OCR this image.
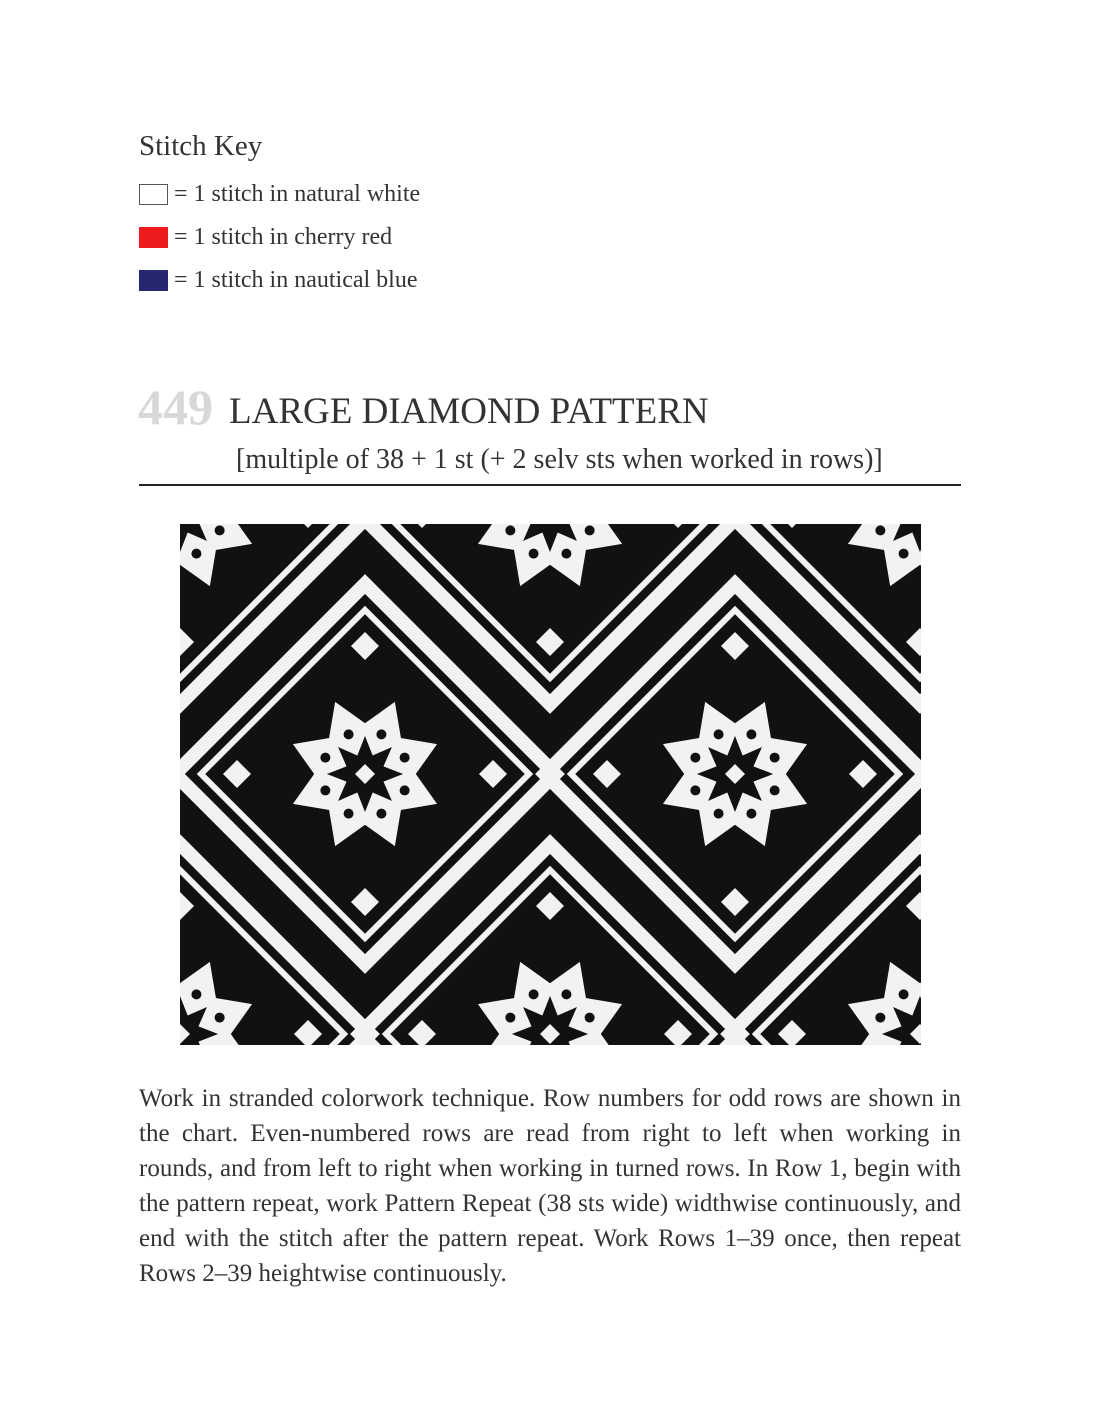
Stitch Key
= 1 stitch in natural white
= 1 stitch in cherry red
= 1 stitch in nautical blue
449 LARGE DIAMOND PATTERN
[multiple of 38 + 1 st (+ 2 selv sts when worked in rows)]
Work in stranded colorwork technique. Row numbers for odd rows are shown in the chart. Even-numbered rows are read from right to left when working in rounds, and from left to right when working in turned rows. In Row 1, begin with the pattern repeat, work Pattern Repeat (38 sts wide) widthwise continuously, and end with the stitch after the pattern repeat. Work Rows 1–39 once, then repeat Rows 2–39 heightwise continuously.
